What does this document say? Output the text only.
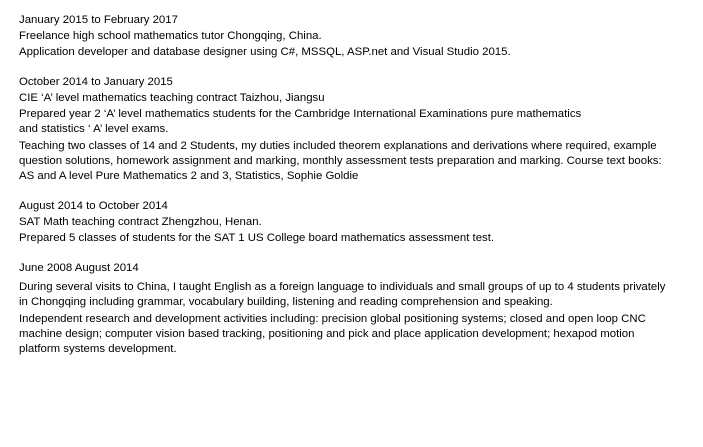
January 2015 to February 2017

Freelance high school mathematics tutor Chongqing, China.

Application developer and database designer using C#, MSSQL, ASP.net and Visual Studio 2015.

October 2014 to January 2015

CIE ‘A’ level mathematics teaching contract Taizhou, Jiangsu

Prepared year 2 ‘A’ level mathematics students for the Cambridge International Examinations pure mathematics and statistics ‘ A’ level exams.

Teaching two classes of 14 and 2 Students, my duties included theorem explanations and derivations where required, example question solutions, homework assignment and marking, monthly assessment tests preparation and marking. Course text books: AS and A level Pure Mathematics 2 and 3, Statistics, Sophie Goldie

August 2014 to October 2014

SAT Math teaching contract Zhengzhou, Henan.

Prepared 5 classes of students for the SAT 1 US College board mathematics assessment test.

June 2008 August 2014

During several visits to China, I taught English as a foreign language to individuals and small groups of up to 4 students privately in Chongqing including grammar, vocabulary building, listening and reading comprehension and speaking.

Independent research and development activities including: precision global positioning systems; closed and open loop CNC machine design; computer vision based tracking, positioning and pick and place application development; hexapod motion platform systems development.
